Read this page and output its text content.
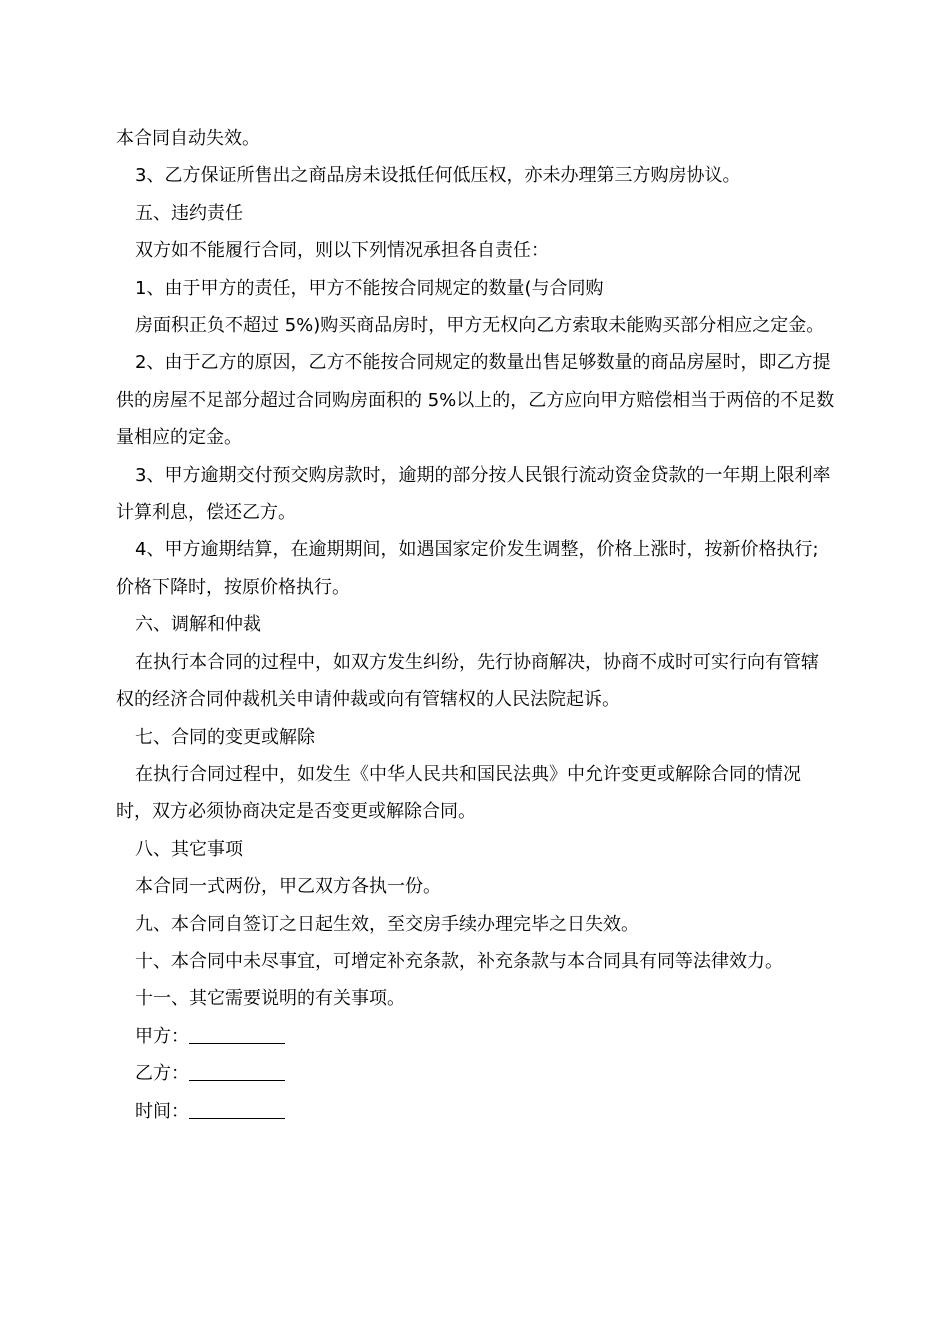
本合同自动失效。

3、乙方保证所售出之商品房未设抵任何低压权，亦未办理第三方购房协议。

五、违约责任

双方如不能履行合同，则以下列情况承担各自责任：

1、由于甲方的责任，甲方不能按合同规定的数量(与合同购

房面积正负不超过 5%)购买商品房时，甲方无权向乙方索取未能购买部分相应之定金。

2、由于乙方的原因，乙方不能按合同规定的数量出售足够数量的商品房屋时，即乙方提供的房屋不足部分超过合同购房面积的 5%以上的，乙方应向甲方赔偿相当于两倍的不足数量相应的定金。

3、甲方逾期交付预交购房款时，逾期的部分按人民银行流动资金贷款的一年期上限利率计算利息，偿还乙方。

4、甲方逾期结算，在逾期期间，如遇国家定价发生调整，价格上涨时，按新价格执行;价格下降时，按原价格执行。

六、调解和仲裁

在执行本合同的过程中，如双方发生纠纷，先行协商解决，协商不成时可实行向有管辖权的经济合同仲裁机关申请仲裁或向有管辖权的人民法院起诉。

七、合同的变更或解除

在执行合同过程中，如发生《中华人民共和国民法典》中允许变更或解除合同的情况时，双方必须协商决定是否变更或解除合同。

八、其它事项

本合同一式两份，甲乙双方各执一份。

九、本合同自签订之日起生效，至交房手续办理完毕之日失效。

十、本合同中未尽事宜，可增定补充条款，补充条款与本合同具有同等法律效力。

十一、其它需要说明的有关事项。

甲方：

乙方：

时间：
